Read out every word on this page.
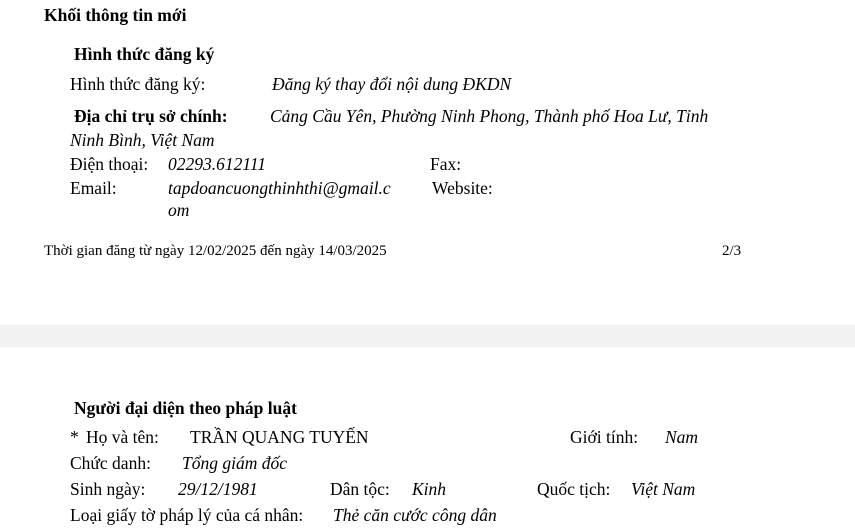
Khối thông tin mới
Hình thức đăng ký
Hình thức đăng ký:	Đăng ký thay đổi nội dung ĐKDN
Địa chỉ trụ sở chính: Cảng Cầu Yên, Phường Ninh Phong, Thành phố Hoa Lư, Tỉnh
Ninh Bình, Việt Nam
Điện thoại: 02293.612111	Fax:
Email:	tapdoancuongthinhthi@gmail.c
om
Website:
Thời gian đăng từ ngày 12/02/2025 đến ngày 14/03/2025	2/3
Người đại diện theo pháp luật
* Họ và tên: TRẦN QUANG TUYẾN	Giới tính: Nam
Chức danh: Tổng giám đốc
Sinh ngày: 29/12/1981	Dân tộc: Kinh	Quốc tịch: Việt Nam
Loại giấy tờ pháp lý của cá nhân: Thẻ căn cước công dân
